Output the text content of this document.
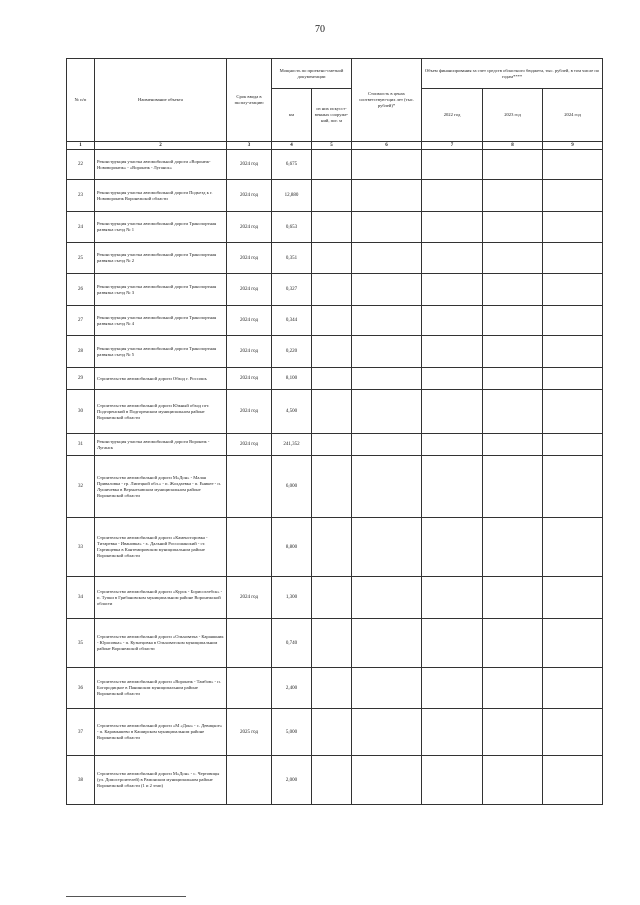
70
№ п/п	Наименование объекта	Срок ввода в эксплу-атацию	Мощность по проектно-сметной документации		Стоимость в ценах соответствую-щих лет (тыс. рублей)*	Объем финансирования за счет средств областного бюджета, тыс. рублей, в том числе по годам****		
			км	из них искусст-венных сооруже-ний, пог. м		2022 год	2023 год	2024 год
1	2	3	4	5	6	7	8	9
22	Реконструкция участка автомобильной дороги «Воронеж-Нововоронеж» - «Воронеж - Луганск»	2024 год	6,675					
23	Реконструкция участка автомобильной дороги Подъезд к г. Нововоронеж Воронежской области	2024 год	12,880					
24	Реконструкция участка автомобильной дороги Транспортная развязка съезд № 1	2024 год	0,653					
25	Реконструкция участка автомобильной дороги Транспортная развязка съезд № 2	2024 год	0,351					
26	Реконструкция участка автомобильной дороги Транспортная развязка съезд № 3	2024 год	0,327					
27	Реконструкция участка автомобильной дороги Транспортная развязка съезд № 4	2024 год	0,344					
28	Реконструкция участка автомобильной дороги Транспортная развязка съезд № 5	2024 год	0,220					
29	Строительство автомобильной дороги Обход г. Россошь	2024 год	8,100					
30	Строительство автомобильной дороги Южный обход пгт. Подгоренский в Подгоренском муниципальном районе Воронежской области	2024 год	4,500					
31	Реконструкция участка автомобильной дороги Воронеж - Луганск	2024 год	241,352					
32	Строительство автомобильной дороги М«Дон» - Малая Приваловка - гр. Липецкой обл.» - п. Жолдаевка - п. Еникее - п. Лушичевка в Верхнехавском муниципальном районе Воронежской области		6,000					
33	Строительство автомобильной дороги «Каменсторовка - Титаревка - Ивановка» - х. Дальний Россошанский - ст. Гартищевка в Кантемировском муниципальном районе Воронежской области		8,800					
34	Строительство автомобильной дороги «Курск - Борисоглебск» - п. Тупки в Грибановском муниципальном районе Воронежской области	2024 год	1,300					
35	Строительство автомобильной дороги «Ольховатка - Караяшник - Юрасовка» - п. Кузнецовка в Ольховатском муниципальном районе Воронежской области		0,740					
36	Строительство автомобильной дороги «Воронеж - Тамбов» - п. Богородицкое в Панинском муниципальном районе Воронежской области		2,400					
37	Строительство автомобильной дороги «М «Дон» - с. Девицкое» - п. Карамышево в Каширском муниципальном районе Воронежской области	2025 год	5,000					
38	Строительство автомобильной дороги М«Дон» - с. Чертовицы (ул. Домостроителей) в Рамонском муниципальном районе Воронежской области (1 и 2 этап)		2,000					
